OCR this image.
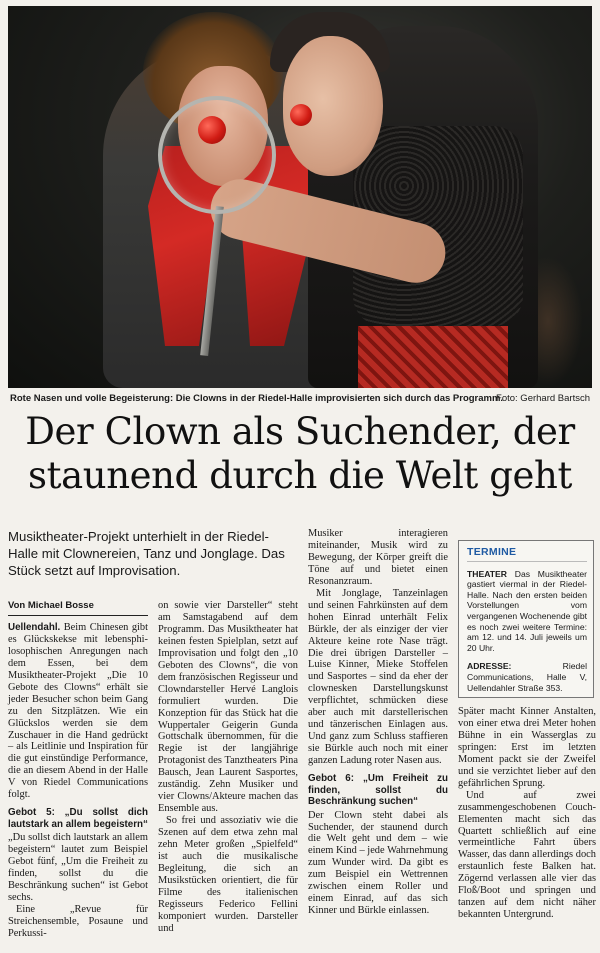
Rote Nasen und volle Begeisterung: Die Clowns in der Riedel-Halle improvisierten sich durch das Programm.
Foto: Gerhard Bartsch
Der Clown als Suchender, der
staunend durch die Welt geht
Musiktheater-Projekt unterhielt in der Riedel-Halle mit Clownereien, Tanz und Jonglage. Das Stück setzt auf Improvisation.
Von Michael Bosse

Uellendahl. Beim Chinesen gibt es Glückskekse mit lebensphi-losophischen Anregungen nach dem Essen, bei dem Musiktheater-Projekt „Die 10 Gebote des Clowns“ erhält sie jeder Besucher schon beim Gang zu den Sitzplätzen. Wie ein Glückslos werden sie dem Zuschauer in die Hand gedrückt – als Leitlinie und Inspiration für die gut einstündige Performance, die an diesem Abend in der Halle V von Riedel Communications folgt.

Gebot 5: „Du sollst dich lautstark an allem begeistern“

„Du sollst dich lautstark an allem begeistern“ lautet zum Beispiel Gebot fünf, „Um die Freiheit zu finden, sollst du die Beschränkung suchen“ ist Gebot sechs.

Eine „Revue für Streichensemble, Posaune und Perkussi-

on sowie vier Darsteller“ steht am Samstagabend auf dem Programm. Das Musiktheater hat keinen festen Spielplan, setzt auf Improvisation und folgt den „10 Geboten des Clowns“, die von dem französischen Regisseur und Clowndarsteller Hervé Langlois formuliert wurden. Die Konzeption für das Stück hat die Wuppertaler Geigerin Gunda Gottschalk übernommen, für die Regie ist der langjährige Protagonist des Tanztheaters Pina Bausch, Jean Laurent Sasportes, zuständig. Zehn Musiker und vier Clowns/Akteure machen das Ensemble aus.

So frei und assoziativ wie die Szenen auf dem etwa zehn mal zehn Meter großen „Spielfeld“ ist auch die musikalische Begleitung, die sich an Musikstücken orientiert, die für Filme des italienischen Regisseurs Federico Fellini komponiert wurden. Darsteller und

Musiker interagieren miteinander, Musik wird zu Bewegung, der Körper greift die Töne auf und bietet einen Resonanzraum.

Mit Jonglage, Tanzeinlagen und seinen Fahrkünsten auf dem hohen Einrad unterhält Felix Bürkle, der als einziger der vier Akteure keine rote Nase trägt. Die drei übrigen Darsteller – Luise Kinner, Mieke Stoffelen und Sasportes – sind da eher der clownesken Darstellungskunst verpflichtet, schmücken diese aber auch mit darstellerischen und tänzerischen Einlagen aus. Und ganz zum Schluss staffieren sie Bürkle auch noch mit einer ganzen Ladung roter Nasen aus.

Gebot 6: „Um Freiheit zu finden, sollst du Beschränkung suchen“

Der Clown steht dabei als Suchender, der staunend durch die Welt geht und dem – wie einem Kind – jede Wahrnehmung zum Wunder wird. Da gibt es zum Beispiel ein Wettrennen zwischen einem Roller und einem Einrad, auf das sich Kinner und Bürkle einlassen.

TERMINE

THEATER Das Musiktheater gastiert viermal in der Riedel-Halle. Nach den ersten beiden Vorstellungen vom vergangenen Wochenende gibt es noch zwei weitere Termine: am 12. und 14. Juli jeweils um 20 Uhr.

ADRESSE:	Riedel Communications, Halle V, Uellendahler Straße 353.

Später macht Kinner Anstalten, von einer etwa drei Meter hohen Bühne in ein Wasserglas zu springen: Erst im letzten Moment packt sie der Zweifel und sie verzichtet lieber auf den gefährlichen Sprung.

Und auf zwei zusammengeschobenen Couch-Elementen macht sich das Quartett schließlich auf eine vermeintliche Fahrt übers Wasser, das dann allerdings doch erstaunlich feste Balken hat. Zögernd verlassen alle vier das Floß/Boot und springen und tanzen auf dem nicht näher bekannten Untergrund.
